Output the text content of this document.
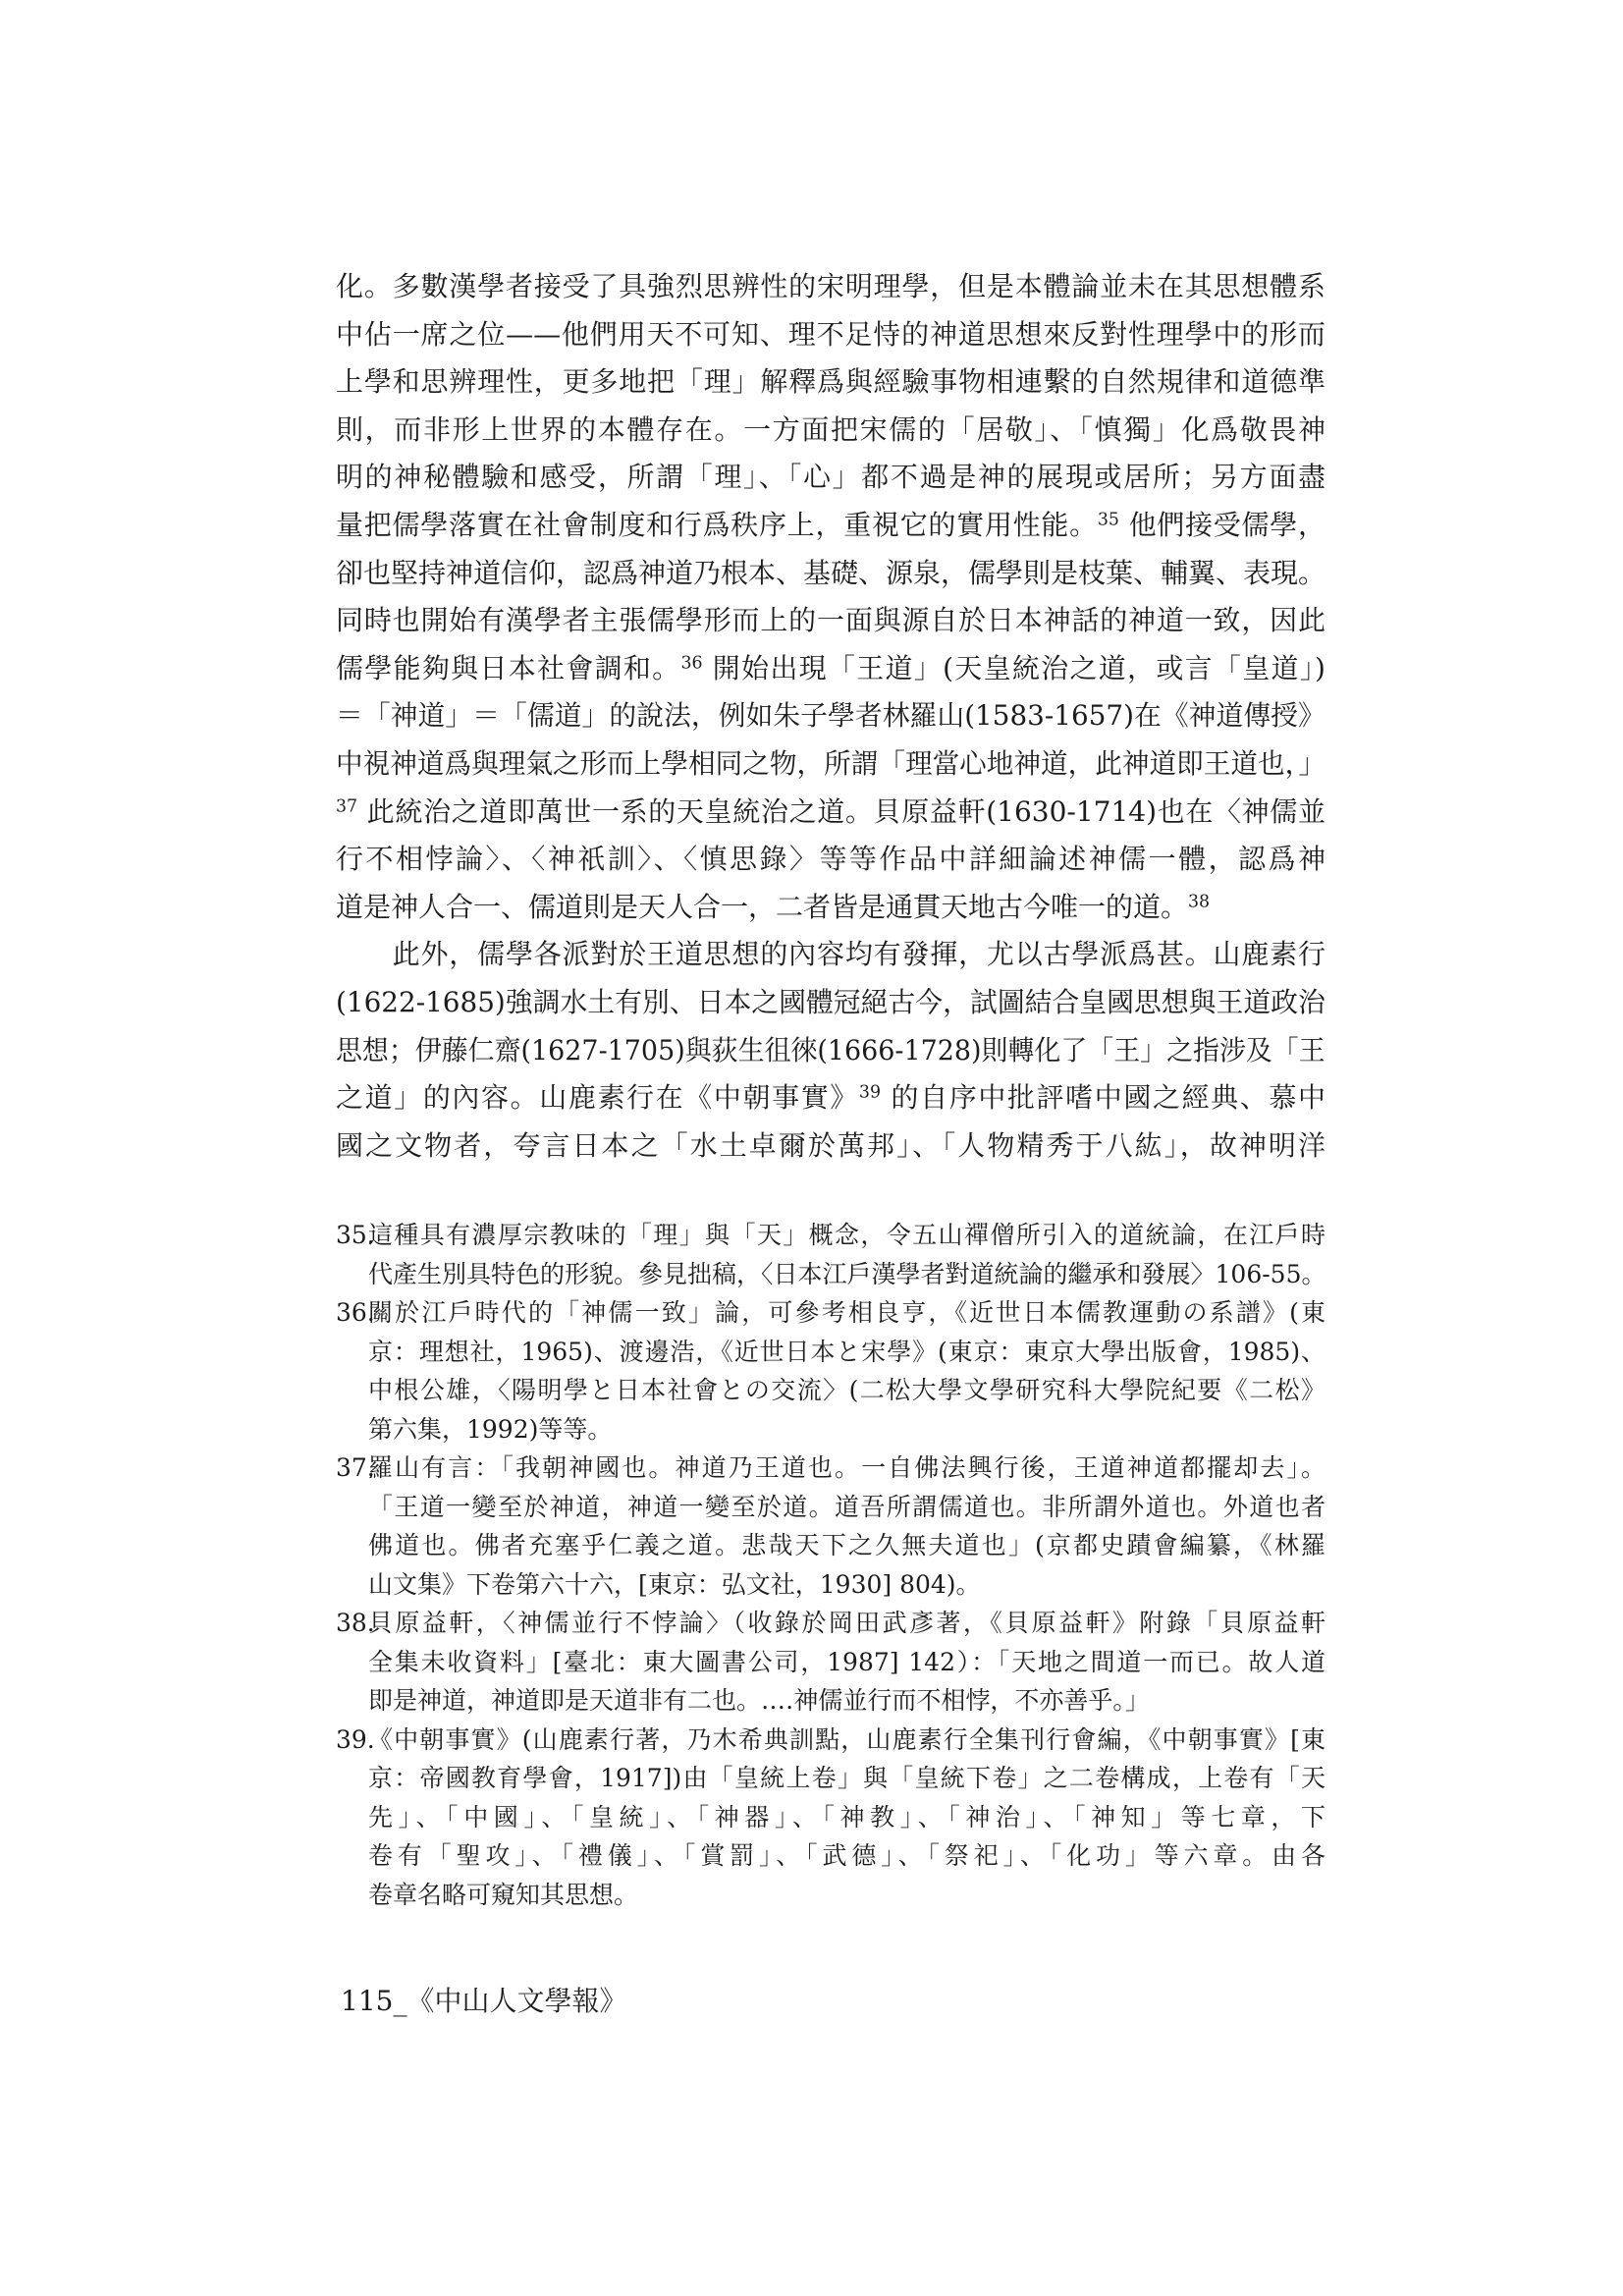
化。多數漢學者接受了具強烈思辨性的宋明理學，但是本體論並未在其思想體系
中佔一席之位——他們用天不可知、理不足恃的神道思想來反對性理學中的形而
上學和思辨理性，更多地把「理」解釋爲與經驗事物相連繫的自然規律和道德準
則，而非形上世界的本體存在。一方面把宋儒的「居敬」、「慎獨」化爲敬畏神
明的神秘體驗和感受，所謂「理」、「心」都不過是神的展現或居所；另方面盡
量把儒學落實在社會制度和行爲秩序上，重視它的實用性能。$^{35}$ 他們接受儒學，
卻也堅持神道信仰，認爲神道乃根本、基礎、源泉，儒學則是枝葉、輔翼、表現。
同時也開始有漢學者主張儒學形而上的一面與源自於日本神話的神道一致，因此
儒學能夠與日本社會調和。$^{36}$ 開始出現「王道」(天皇統治之道，或言「皇道」)
＝「神道」＝「儒道」的說法，例如朱子學者林羅山(1583-1657)在《神道傳授》
中視神道爲與理氣之形而上學相同之物，所謂「理當心地神道，此神道即王道也，」
$^{37}$ 此統治之道即萬世一系的天皇統治之道。貝原益軒(1630-1714)也在〈神儒並
行不相悖論〉、〈神祇訓〉、〈慎思錄〉等等作品中詳細論述神儒一體，認爲神
道是神人合一、儒道則是天人合一，二者皆是通貫天地古今唯一的道。$^{38}$
　　此外，儒學各派對於王道思想的內容均有發揮，尤以古學派爲甚。山鹿素行
(1622-1685)強調水土有別、日本之國體冠絕古今，試圖結合皇國思想與王道政治
思想；伊藤仁齋(1627-1705)與荻生徂徠(1666-1728)則轉化了「王」之指涉及「王
之道」的內容。山鹿素行在《中朝事實》$^{39}$ 的自序中批評嗜中國之經典、慕中
國之文物者，夸言日本之「水土卓爾於萬邦」、「人物精秀于八紘」，故神明洋
35.
這種具有濃厚宗教味的「理」與「天」概念，令五山禪僧所引入的道統論，在江戶時
代產生別具特色的形貌。參見拙稿，〈日本江戶漢學者對道統論的繼承和發展〉106-55。
36.
關於江戶時代的「神儒一致」論，可參考相良亨，《近世日本儒教運動の系譜》(東
京：理想社，1965)、渡邊浩，《近世日本と宋學》(東京：東京大學出版會，1985)、
中根公雄，〈陽明學と日本社會との交流〉(二松大學文學研究科大學院紀要《二松》
第六集，1992)等等。
37.
羅山有言：「我朝神國也。神道乃王道也。一自佛法興行後，王道神道都擺却去」。
「王道一變至於神道，神道一變至於道。道吾所謂儒道也。非所謂外道也。外道也者
佛道也。佛者充塞乎仁義之道。悲哉天下之久無夫道也」(京都史蹟會編纂，《林羅
山文集》下卷第六十六，[東京：弘文社，1930] 804)。
38.
貝原益軒，〈神儒並行不悖論〉（收錄於岡田武彥著，《貝原益軒》附錄「貝原益軒
全集未收資料」[臺北：東大圖書公司，1987] 142）：「天地之間道一而已。故人道
即是神道，神道即是天道非有二也。‥‥神儒並行而不相悖，不亦善乎。」
39.
《中朝事實》(山鹿素行著，乃木希典訓點，山鹿素行全集刊行會編，《中朝事實》[東
京：帝國教育學會，1917])由「皇統上卷」與「皇統下卷」之二卷構成，上卷有「天
先」、「中國」、「皇統」、「神器」、「神教」、「神治」、「神知」等七章，下
卷有「聖攻」、「禮儀」、「賞罰」、「武德」、「祭祀」、「化功」等六章。由各
卷章名略可窺知其思想。
115_《中山人文學報》
